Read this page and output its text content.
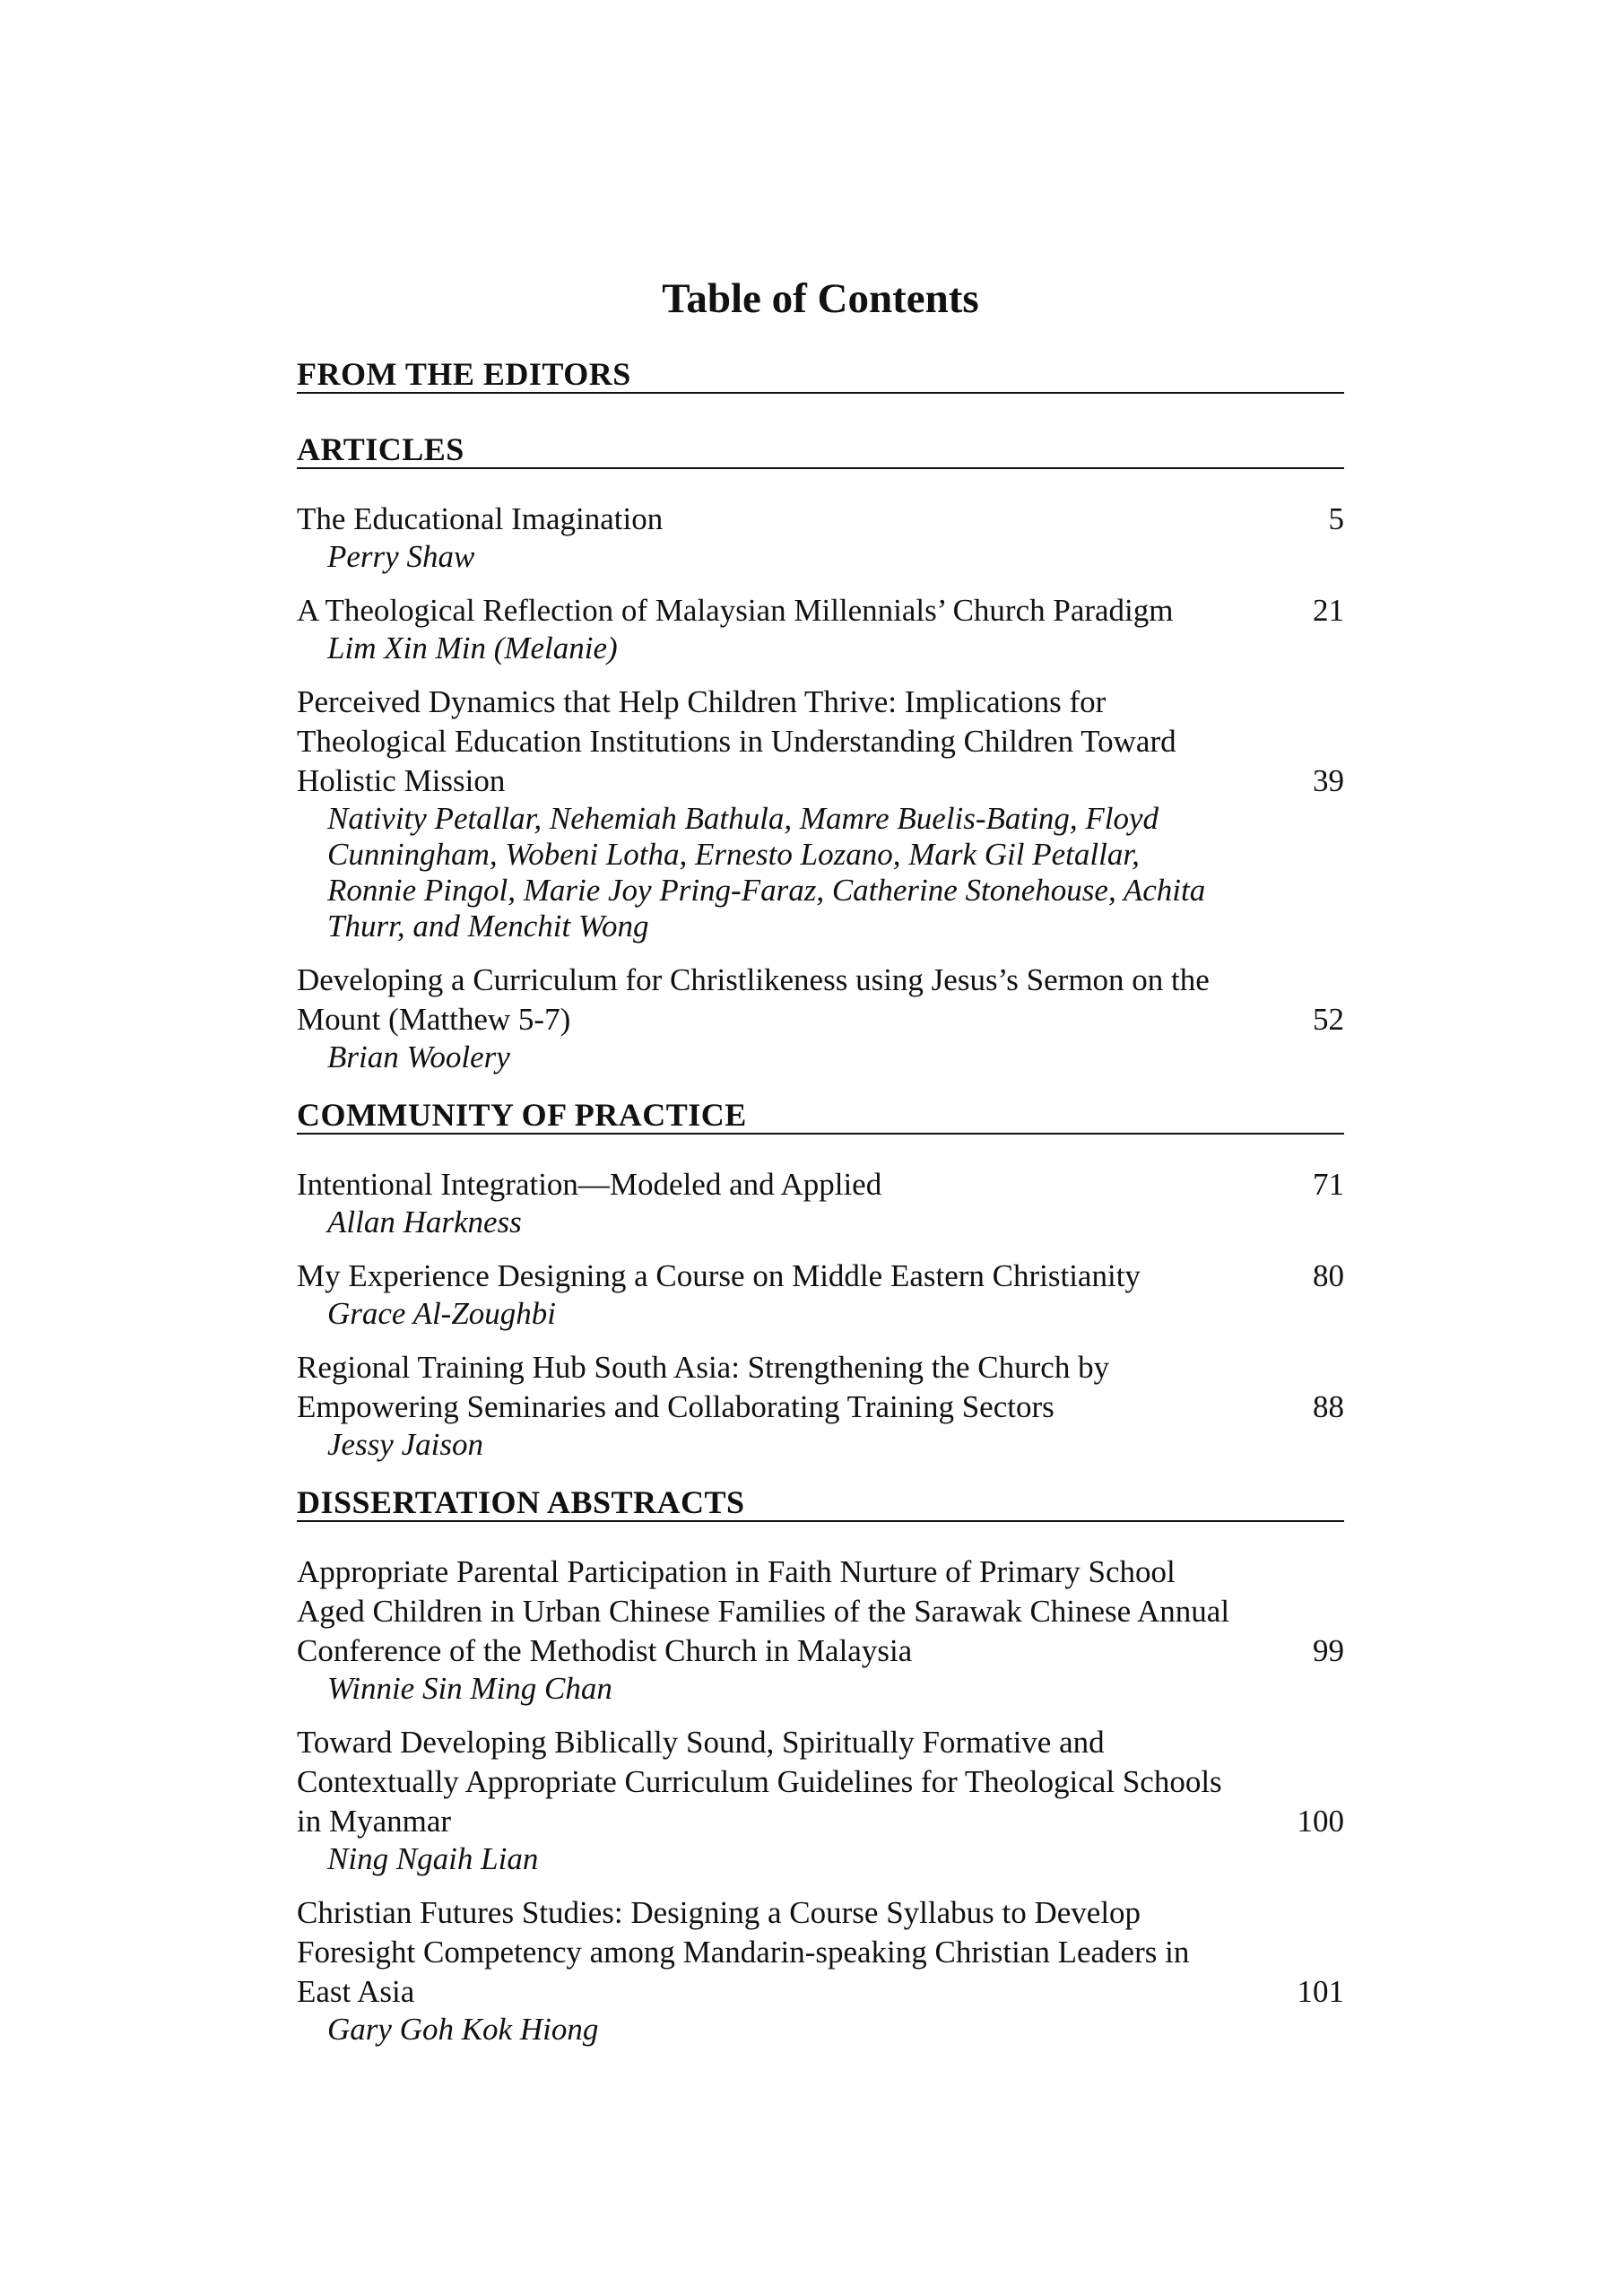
Table of Contents
FROM THE EDITORS
ARTICLES
The Educational Imagination	5
Perry Shaw
A Theological Reflection of Malaysian Millennials’ Church Paradigm	21
Lim Xin Min (Melanie)
Perceived Dynamics that Help Children Thrive: Implications for Theological Education Institutions in Understanding Children Toward Holistic Mission	39
Nativity Petallar, Nehemiah Bathula, Mamre Buelis-Bating, Floyd Cunningham, Wobeni Lotha, Ernesto Lozano, Mark Gil Petallar, Ronnie Pingol, Marie Joy Pring-Faraz, Catherine Stonehouse, Achita Thurr, and Menchit Wong
Developing a Curriculum for Christlikeness using Jesus’s Sermon on the Mount (Matthew 5-7)	52
Brian Woolery
COMMUNITY OF PRACTICE
Intentional Integration—Modeled and Applied	71
Allan Harkness
My Experience Designing a Course on Middle Eastern Christianity	80
Grace Al-Zoughbi
Regional Training Hub South Asia: Strengthening the Church by Empowering Seminaries and Collaborating Training Sectors	88
Jessy Jaison
DISSERTATION ABSTRACTS
Appropriate Parental Participation in Faith Nurture of Primary School Aged Children in Urban Chinese Families of the Sarawak Chinese Annual Conference of the Methodist Church in Malaysia	99
Winnie Sin Ming Chan
Toward Developing Biblically Sound, Spiritually Formative and Contextually Appropriate Curriculum Guidelines for Theological Schools in Myanmar	100
Ning Ngaih Lian
Christian Futures Studies: Designing a Course Syllabus to Develop Foresight Competency among Mandarin-speaking Christian Leaders in East Asia	101
Gary Goh Kok Hiong
